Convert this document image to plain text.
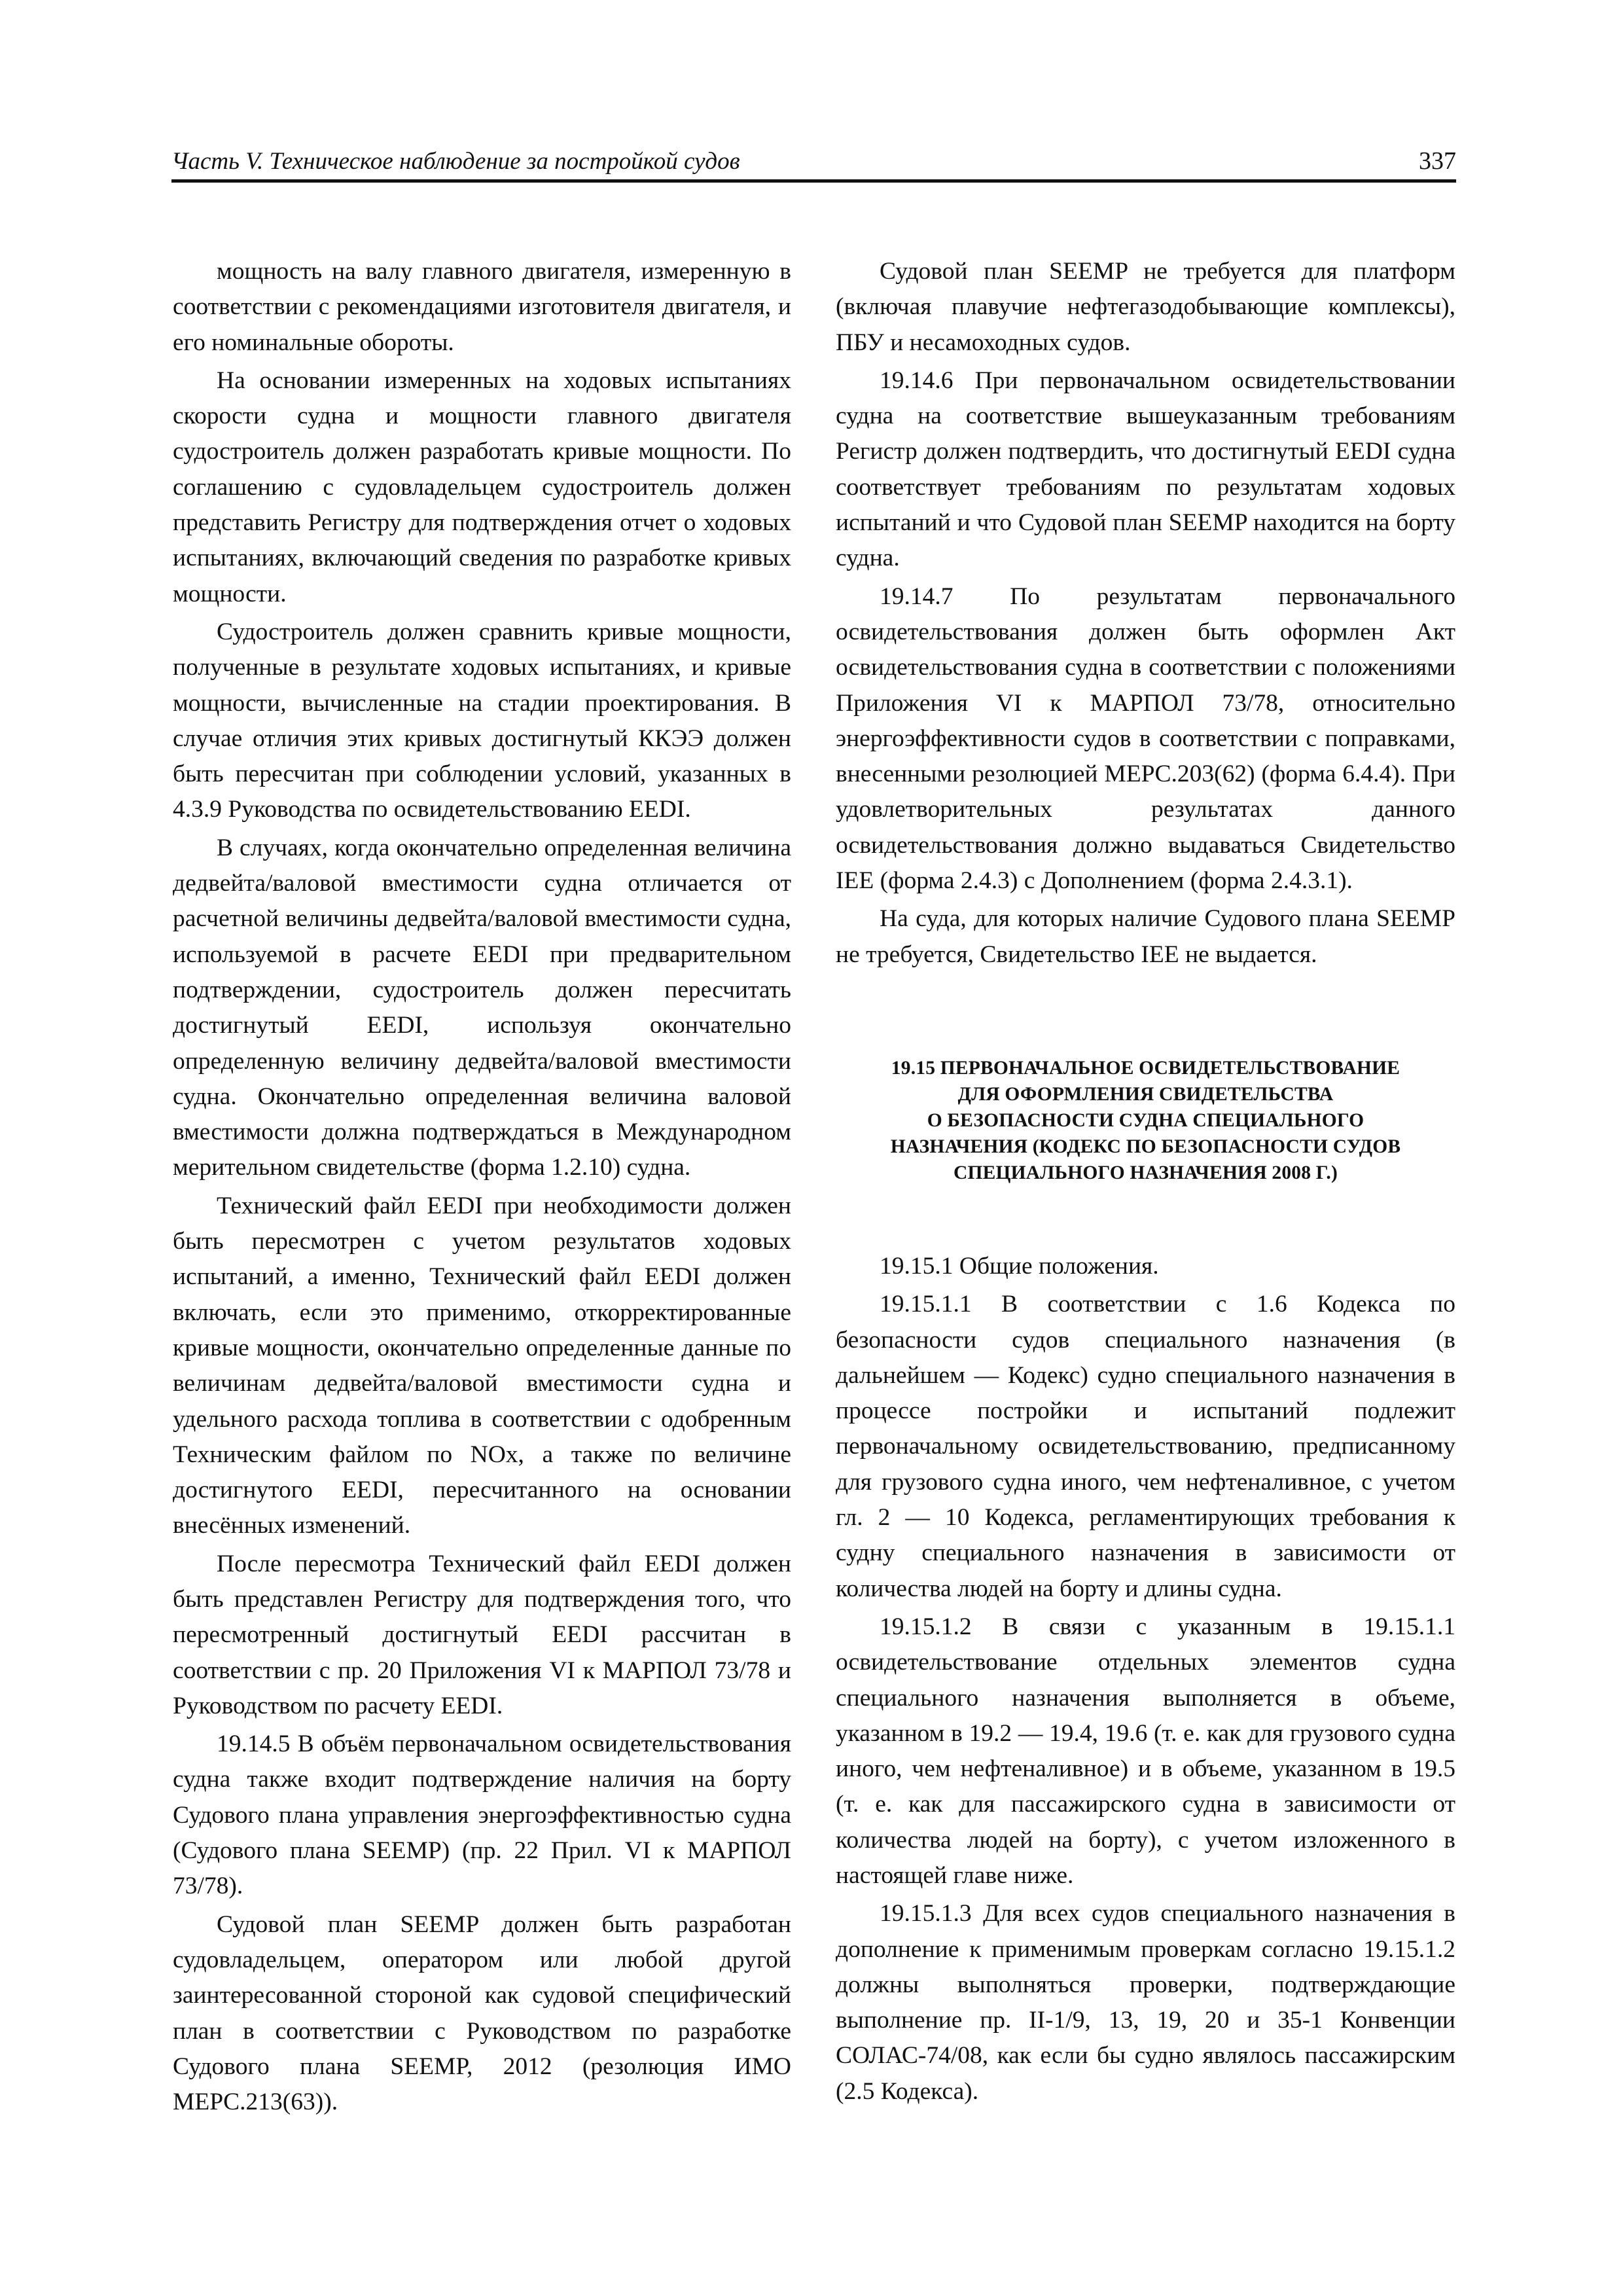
Часть V. Техническое наблюдение за постройкой судов	337

мощность на валу главного двигателя, измеренную в соответствии с рекомендациями изготовителя двигателя, и его номинальные обороты.

На основании измеренных на ходовых испытаниях скорости судна и мощности главного двигателя судостроитель должен разработать кривые мощности. По соглашению с судовладельцем судостроитель должен представить Регистру для подтверждения отчет о ходовых испытаниях, включающий сведения по разработке кривых мощности.

Судостроитель должен сравнить кривые мощности, полученные в результате ходовых испытаниях, и кривые мощности, вычисленные на стадии проектирования. В случае отличия этих кривых достигнутый ККЭЭ должен быть пересчитан при соблюдении условий, указанных в 4.3.9 Руководства по освидетельствованию EEDI.

В случаях, когда окончательно определенная величина дедвейта/валовой вместимости судна отличается от расчетной величины дедвейта/валовой вместимости судна, используемой в расчете EEDI при предварительном подтверждении, судостроитель должен пересчитать достигнутый EEDI, используя окончательно определенную величину дедвейта/валовой вместимости судна. Окончательно определенная величина валовой вместимости должна подтверждаться в Международном мерительном свидетельстве (форма 1.2.10) судна.

Технический файл EEDI при необходимости должен быть пересмотрен с учетом результатов ходовых испытаний, а именно, Технический файл EEDI должен включать, если это применимо, откорректированные кривые мощности, окончательно определенные данные по величинам дедвейта/валовой вместимости судна и удельного расхода топлива в соответствии с одобренным Техническим файлом по NOx, а также по величине достигнутого EEDI, пересчитанного на основании внесённых изменений.

После пересмотра Технический файл EEDI должен быть представлен Регистру для подтверждения того, что пересмотренный достигнутый EEDI рассчитан в соответствии с пр. 20 Приложения VI к МАРПОЛ 73/78 и Руководством по расчету EEDI.

19.14.5 В объём первоначальном освидетельствования судна также входит подтверждение наличия на борту Судового плана управления энергоэффективностью судна (Судового плана SEEMP) (пр. 22 Прил. VI к МАРПОЛ 73/78).

Судовой план SEEMP должен быть разработан судовладельцем, оператором или любой другой заинтересованной стороной как судовой специфический план в соответствии с Руководством по разработке Судового плана SEEMP, 2012 (резолюция ИМО MEPC.213(63)).

Судовой план SEEMP не требуется для платформ (включая плавучие нефтегазодобывающие комплексы), ПБУ и несамоходных судов.

19.14.6 При первоначальном освидетельствовании судна на соответствие вышеуказанным требованиям Регистр должен подтвердить, что достигнутый EEDI судна соответствует требованиям по результатам ходовых испытаний и что Судовой план SEEMP находится на борту судна.

19.14.7 По результатам первоначального освидетельствования должен быть оформлен Акт освидетельствования судна в соответствии с положениями Приложения VI к МАРПОЛ 73/78, относительно энергоэффективности судов в соответствии с поправками, внесенными резолюцией MEPC.203(62) (форма 6.4.4). При удовлетворительных результатах данного освидетельствования должно выдаваться Свидетельство IEE (форма 2.4.3) с Дополнением (форма 2.4.3.1).

На суда, для которых наличие Судового плана SEEMP не требуется, Свидетельство IEE не выдается.

19.15 ПЕРВОНАЧАЛЬНОЕ ОСВИДЕТЕЛЬСТВОВАНИЕ
ДЛЯ ОФОРМЛЕНИЯ СВИДЕТЕЛЬСТВА
О БЕЗОПАСНОСТИ СУДНА СПЕЦИАЛЬНОГО
НАЗНАЧЕНИЯ (КОДЕКС ПО БЕЗОПАСНОСТИ СУДОВ
СПЕЦИАЛЬНОГО НАЗНАЧЕНИЯ 2008 Г.)

19.15.1 Общие положения.

19.15.1.1 В соответствии с 1.6 Кодекса по безопасности судов специального назначения (в дальнейшем — Кодекс) судно специального назначения в процессе постройки и испытаний подлежит первоначальному освидетельствованию, предписанному для грузового судна иного, чем нефтеналивное, с учетом гл. 2 — 10 Кодекса, регламентирующих требования к судну специального назначения в зависимости от количества людей на борту и длины судна.

19.15.1.2 В связи с указанным в 19.15.1.1 освидетельствование отдельных элементов судна специального назначения выполняется в объеме, указанном в 19.2 — 19.4, 19.6 (т. е. как для грузового судна иного, чем нефтеналивное) и в объеме, указанном в 19.5 (т. е. как для пассажирского судна в зависимости от количества людей на борту), с учетом изложенного в настоящей главе ниже.

19.15.1.3 Для всех судов специального назначения в дополнение к применимым проверкам согласно 19.15.1.2 должны выполняться проверки, подтверждающие выполнение пр. II-1/9, 13, 19, 20 и 35-1 Конвенции СОЛАС-74/08, как если бы судно являлось пассажирским (2.5 Кодекса).
